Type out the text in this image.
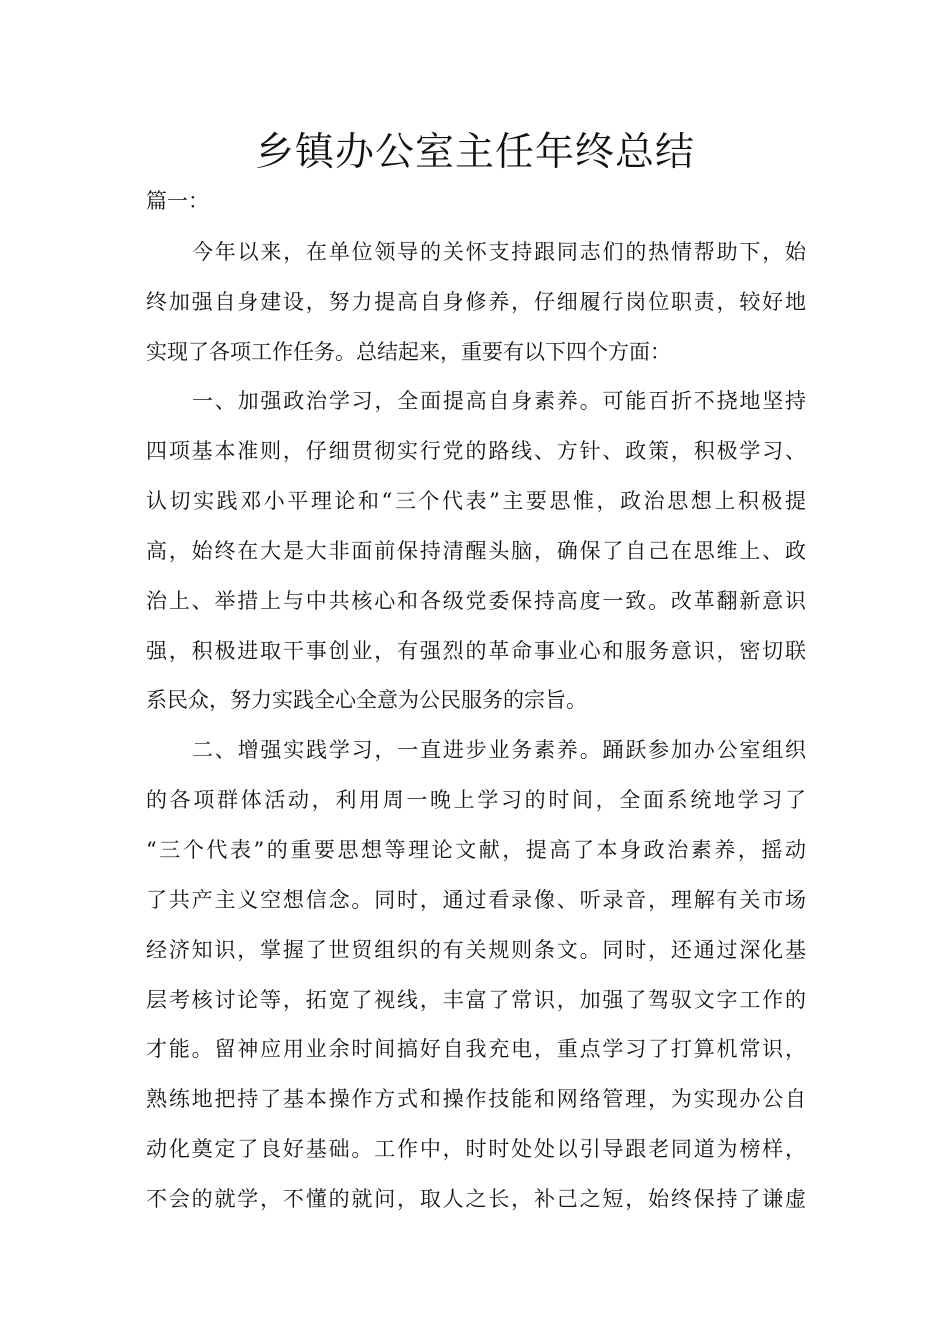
乡镇办公室主任年终总结
篇一：
今年以来，在单位领导的关怀支持跟同志们的热情帮助下，始
终加强自身建设，努力提高自身修养，仔细履行岗位职责，较好地
实现了各项工作任务。总结起来，重要有以下四个方面：
一、加强政治学习，全面提高自身素养。可能百折不挠地坚持
四项基本准则，仔细贯彻实行党的路线、方针、政策，积极学习、
认切实践邓小平理论和“三个代表”主要思惟，政治思想上积极提
高，始终在大是大非面前保持清醒头脑，确保了自己在思维上、政
治上、举措上与中共核心和各级党委保持高度一致。改革翻新意识
强，积极进取干事创业，有强烈的革命事业心和服务意识，密切联
系民众，努力实践全心全意为公民服务的宗旨。
二、增强实践学习，一直进步业务素养。踊跃参加办公室组织
的各项群体活动，利用周一晚上学习的时间，全面系统地学习了
“三个代表”的重要思想等理论文献，提高了本身政治素养，摇动
了共产主义空想信念。同时，通过看录像、听录音，理解有关市场
经济知识，掌握了世贸组织的有关规则条文。同时，还通过深化基
层考核讨论等，拓宽了视线，丰富了常识，加强了驾驭文字工作的
才能。留神应用业余时间搞好自我充电，重点学习了打算机常识，
熟练地把持了基本操作方式和操作技能和网络管理，为实现办公自
动化奠定了良好基础。工作中，时时处处以引导跟老同道为榜样，
不会的就学，不懂的就问，取人之长，补己之短，始终保持了谦虚
